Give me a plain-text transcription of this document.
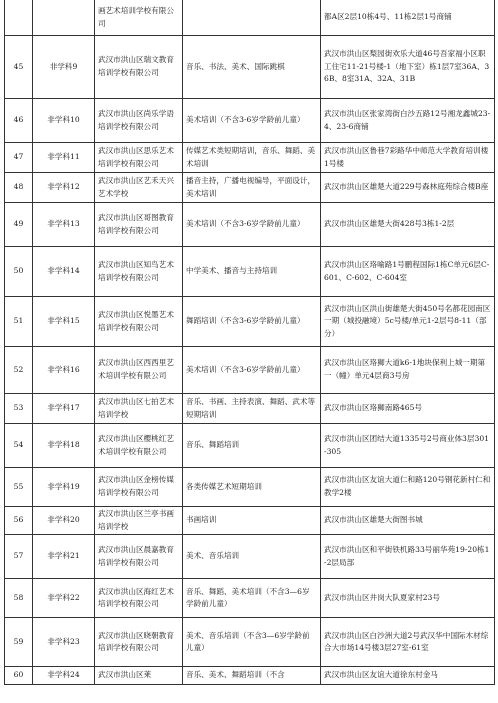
		画艺术培训学校有限公司		都A区2层10栋4号、11栋2层1号商铺
45	非学科9	武汉市洪山区瑞文教育培训学校有限公司	音乐、书法、美术、国际跳棋	武汉市洪山区梨园街欢乐大道46号吾家福小区职工住宅11-21号楼-1（地下室）栋1层7室36A、36B、8室31A、32A、31B
46	非学科10	武汉市洪山区尚乐学语培训学校有限公司	美术培训（不含3-6岁学龄前儿童）	武汉市洪山区张家湾街白沙五路12号湘龙鑫城23-4、23-6商铺
47	非学科11	武汉市洪山区思乐艺术培训学校有限公司	传媒艺术类短期培训，音乐、舞蹈、美术培训	武汉市洪山区鲁巷7彩路华中师范大学教育培训楼1号楼
48	非学科12	武汉市洪山区艺禾天兴艺术学校	播音主持，广播电视编导，平面设计，美术培训	武汉市洪山区雄楚大道229号森林庭苑综合楼B座
49	非学科13	武汉市洪山区哥图教育培训学校有限公司	美术培训（不含3-6岁学龄前儿童）	武汉市洪山区雄楚大街428号3栋1-2层
50	非学科14	武汉市洪山区知鸟艺术培训学校有限公司	中学美术、播音与主持培训	武汉市洪山区珞喻路1号鹏程国际1栋C单元6层C-601、C-602、C-604室
51	非学科15	武汉市洪山区悦墨艺术培训学校有限公司	舞蹈培训（不含3-6岁学龄前儿童）	武汉市洪山区洪山街雄楚大街450号名都花园南区一期（城投融境）5c号楼/单元1-2层号8-11（部分）
52	非学科16	武汉市洪山区西西里艺术培训学校有限公司	美术培训（不含3-6岁学龄前儿童）	武汉市洪山区珞狮大道k6-1地块保利上城一期第一（幢）单元4层商3号房
53	非学科17	武汉市洪山区七拍艺术培训学校	音乐、书画、主持表演、舞蹈、武术等短期培训	武汉市洪山区珞狮南路465号
54	非学科18	武汉市洪山区樱桃红艺术培训学校有限公司	音乐、舞蹈培训	武汉市洪山区团结大道1335号2号商业体3层301-305
55	非学科19	武汉市洪山区金榜传媒培训学校有限公司	各类传媒艺术短期培训	武汉市洪山区友谊大道仁和路120号钢花新村仁和教学2楼
56	非学科20	武汉市洪山区兰亭书画培训学校	书画培训	武汉市洪山区雄楚大街图书城
57	非学科21	武汉市洪山区晨嘉教育培训学校有限公司	美术、音乐培训	武汉市洪山区和平街铁机路33号丽华苑19-20栋1-2层局部
58	非学科22	武汉市洪山区海红艺术培训学校有限公司	音乐、舞蹈、美术培训（不含3—6岁学龄前儿童）	武汉市洪山区井岗大队夏家村23号
59	非学科23	武汉市洪山区晓朝教育培训学校有限公司	美术、音乐培训（不含3—6岁学龄前儿童）	武汉市洪山区白沙洲大道2号武汉华中国际木材综合大市场14号楼3层27室-61室
60	非学科24	武汉市洪山区莱	音乐、美术、舞蹈培训（不含	武汉市洪山区友谊大道徐东村金马
